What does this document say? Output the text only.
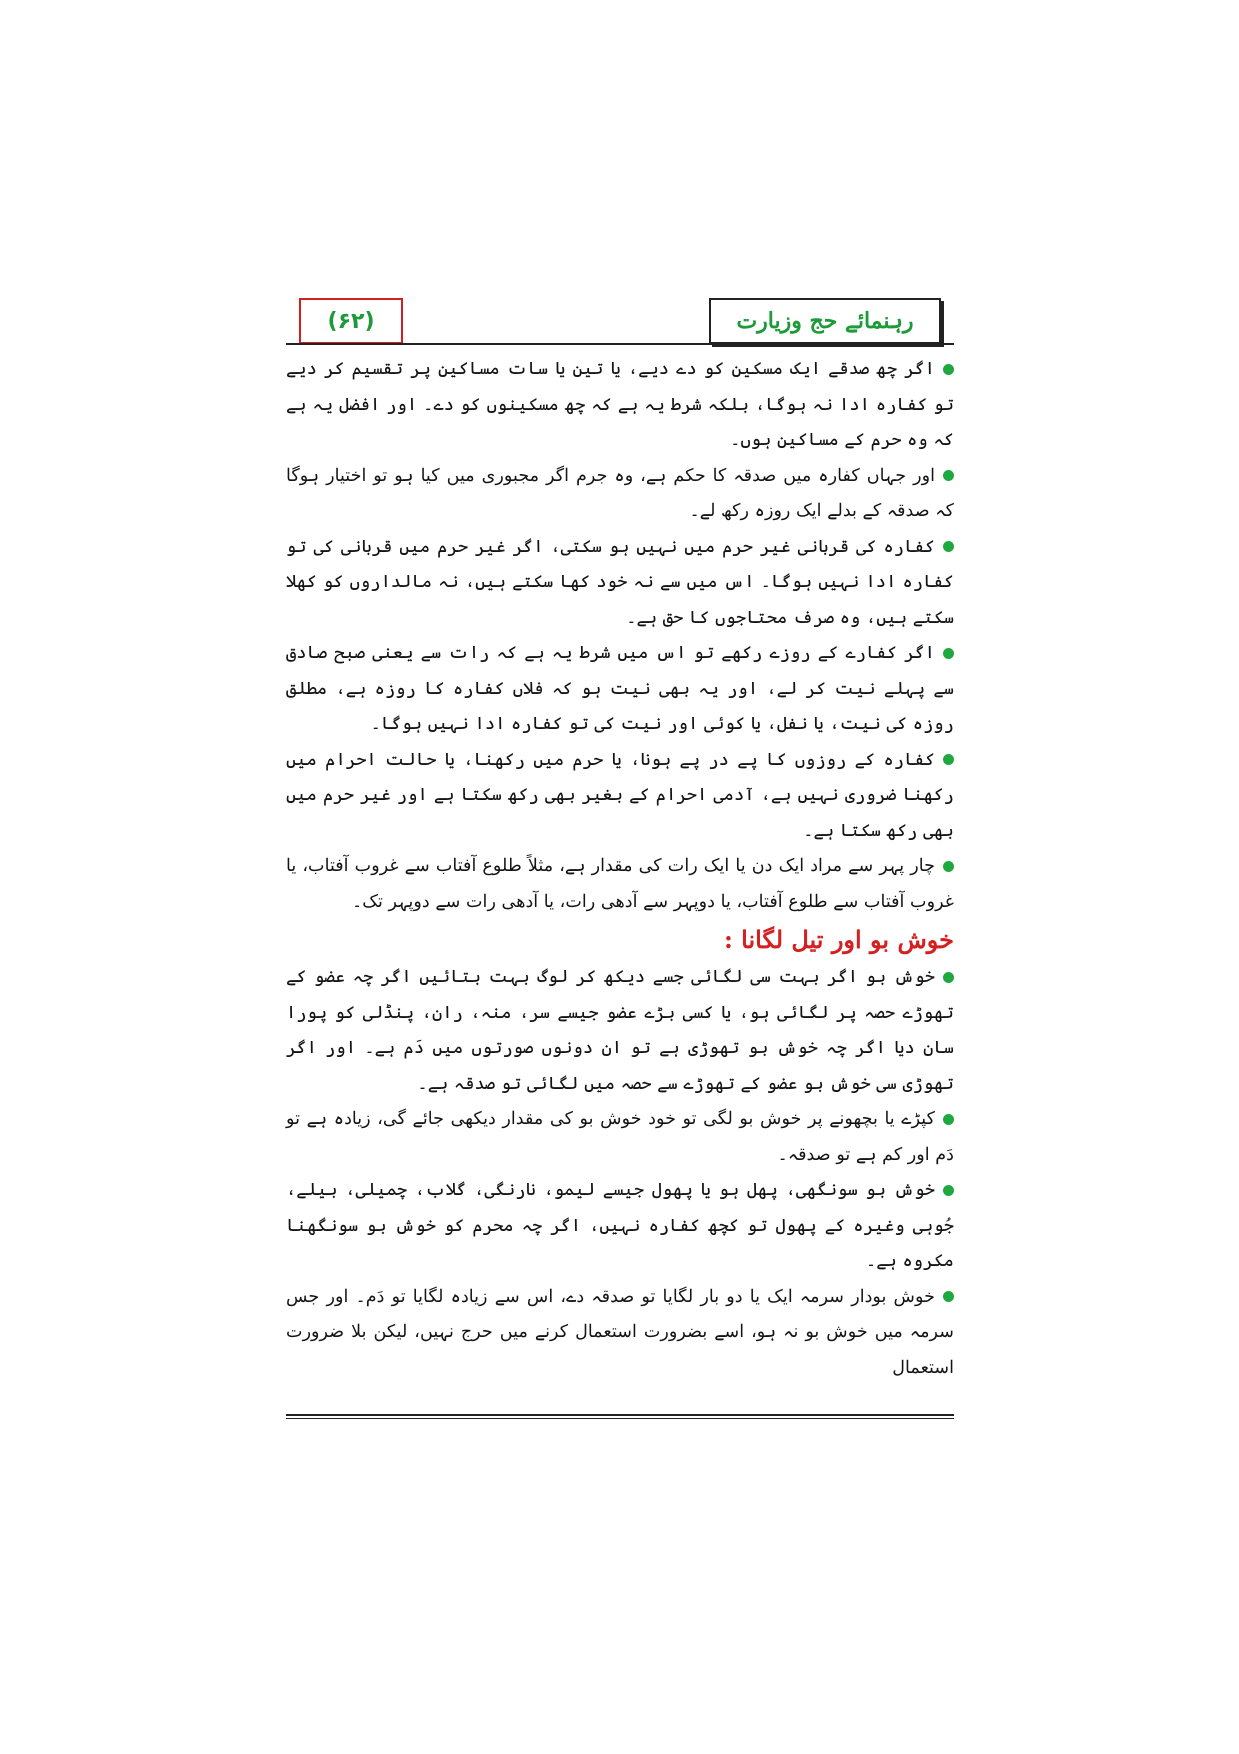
(۶۲)	رہنمائے حج وزیارت

اگر چھ صدقے ایک مسکین کو دے دیے، یا تین یا سات مساکین پر تقسیم کر دیے تو کفارہ ادا نہ ہوگا، بلکہ شرط یہ ہے کہ چھ مسکینوں کو دے۔ اور افضل یہ ہے کہ وہ حرم کے مساکین ہوں۔

اور جہاں کفارہ میں صدقہ کا حکم ہے، وہ جرم اگر مجبوری میں کیا ہو تو اختیار ہوگا کہ صدقہ کے بدلے ایک روزہ رکھ لے۔

کفارہ کی قربانی غیر حرم میں نہیں ہو سکتی، اگر غیر حرم میں قربانی کی تو کفارہ ادا نہیں ہوگا۔ اس میں سے نہ خود کھا سکتے ہیں، نہ مالداروں کو کھلا سکتے ہیں، وہ صرف محتاجوں کا حق ہے۔

اگر کفارے کے روزے رکھے تو اس میں شرط یہ ہے کہ رات سے یعنی صبح صادق سے پہلے نیت کر لے، اور یہ بھی نیت ہو کہ فلاں کفارہ کا روزہ ہے، مطلق روزہ کی نیت، یا نفل، یا کوئی اور نیت کی تو کفارہ ادا نہیں ہوگا۔

کفارہ کے روزوں کا پے در پے ہونا، یا حرم میں رکھنا، یا حالت احرام میں رکھنا ضروری نہیں ہے، آدمی احرام کے بغیر بھی رکھ سکتا ہے اور غیر حرم میں بھی رکھ سکتا ہے۔

چار پہر سے مراد ایک دن یا ایک رات کی مقدار ہے، مثلاً طلوع آفتاب سے غروب آفتاب، یا غروب آفتاب سے طلوع آفتاب، یا دوپہر سے آدھی رات، یا آدھی رات سے دوپہر تک۔

خوش بو اور تیل لگانا :

خوش بو اگر بہت سی لگائی جسے دیکھ کر لوگ بہت بتائیں اگر چہ عضو کے تھوڑے حصہ پر لگائی ہو، یا کسی بڑے عضو جیسے سر، منہ، ران، پنڈلی کو پورا سان دیا اگر چہ خوش بو تھوڑی ہے تو ان دونوں صورتوں میں دَم ہے۔ اور اگر تھوڑی سی خوش بو عضو کے تھوڑے سے حصہ میں لگائی تو صدقہ ہے۔

کپڑے یا بچھونے پر خوش بو لگی تو خود خوش بو کی مقدار دیکھی جائے گی، زیادہ ہے تو دَم اور کم ہے تو صدقہ۔

خوش بو سونگھی، پھل ہو یا پھول جیسے لیمو، نارنگی، گلاب، چمیلی، بیلے، جُوہی وغیرہ کے پھول تو کچھ کفارہ نہیں، اگر چہ محرم کو خوش بو سونگھنا مکروہ ہے۔

خوش بودار سرمہ ایک یا دو بار لگایا تو صدقہ دے، اس سے زیادہ لگایا تو دَم۔ اور جس سرمہ میں خوش بو نہ ہو، اسے بضرورت استعمال کرنے میں حرج نہیں، لیکن بلا ضرورت استعمال
